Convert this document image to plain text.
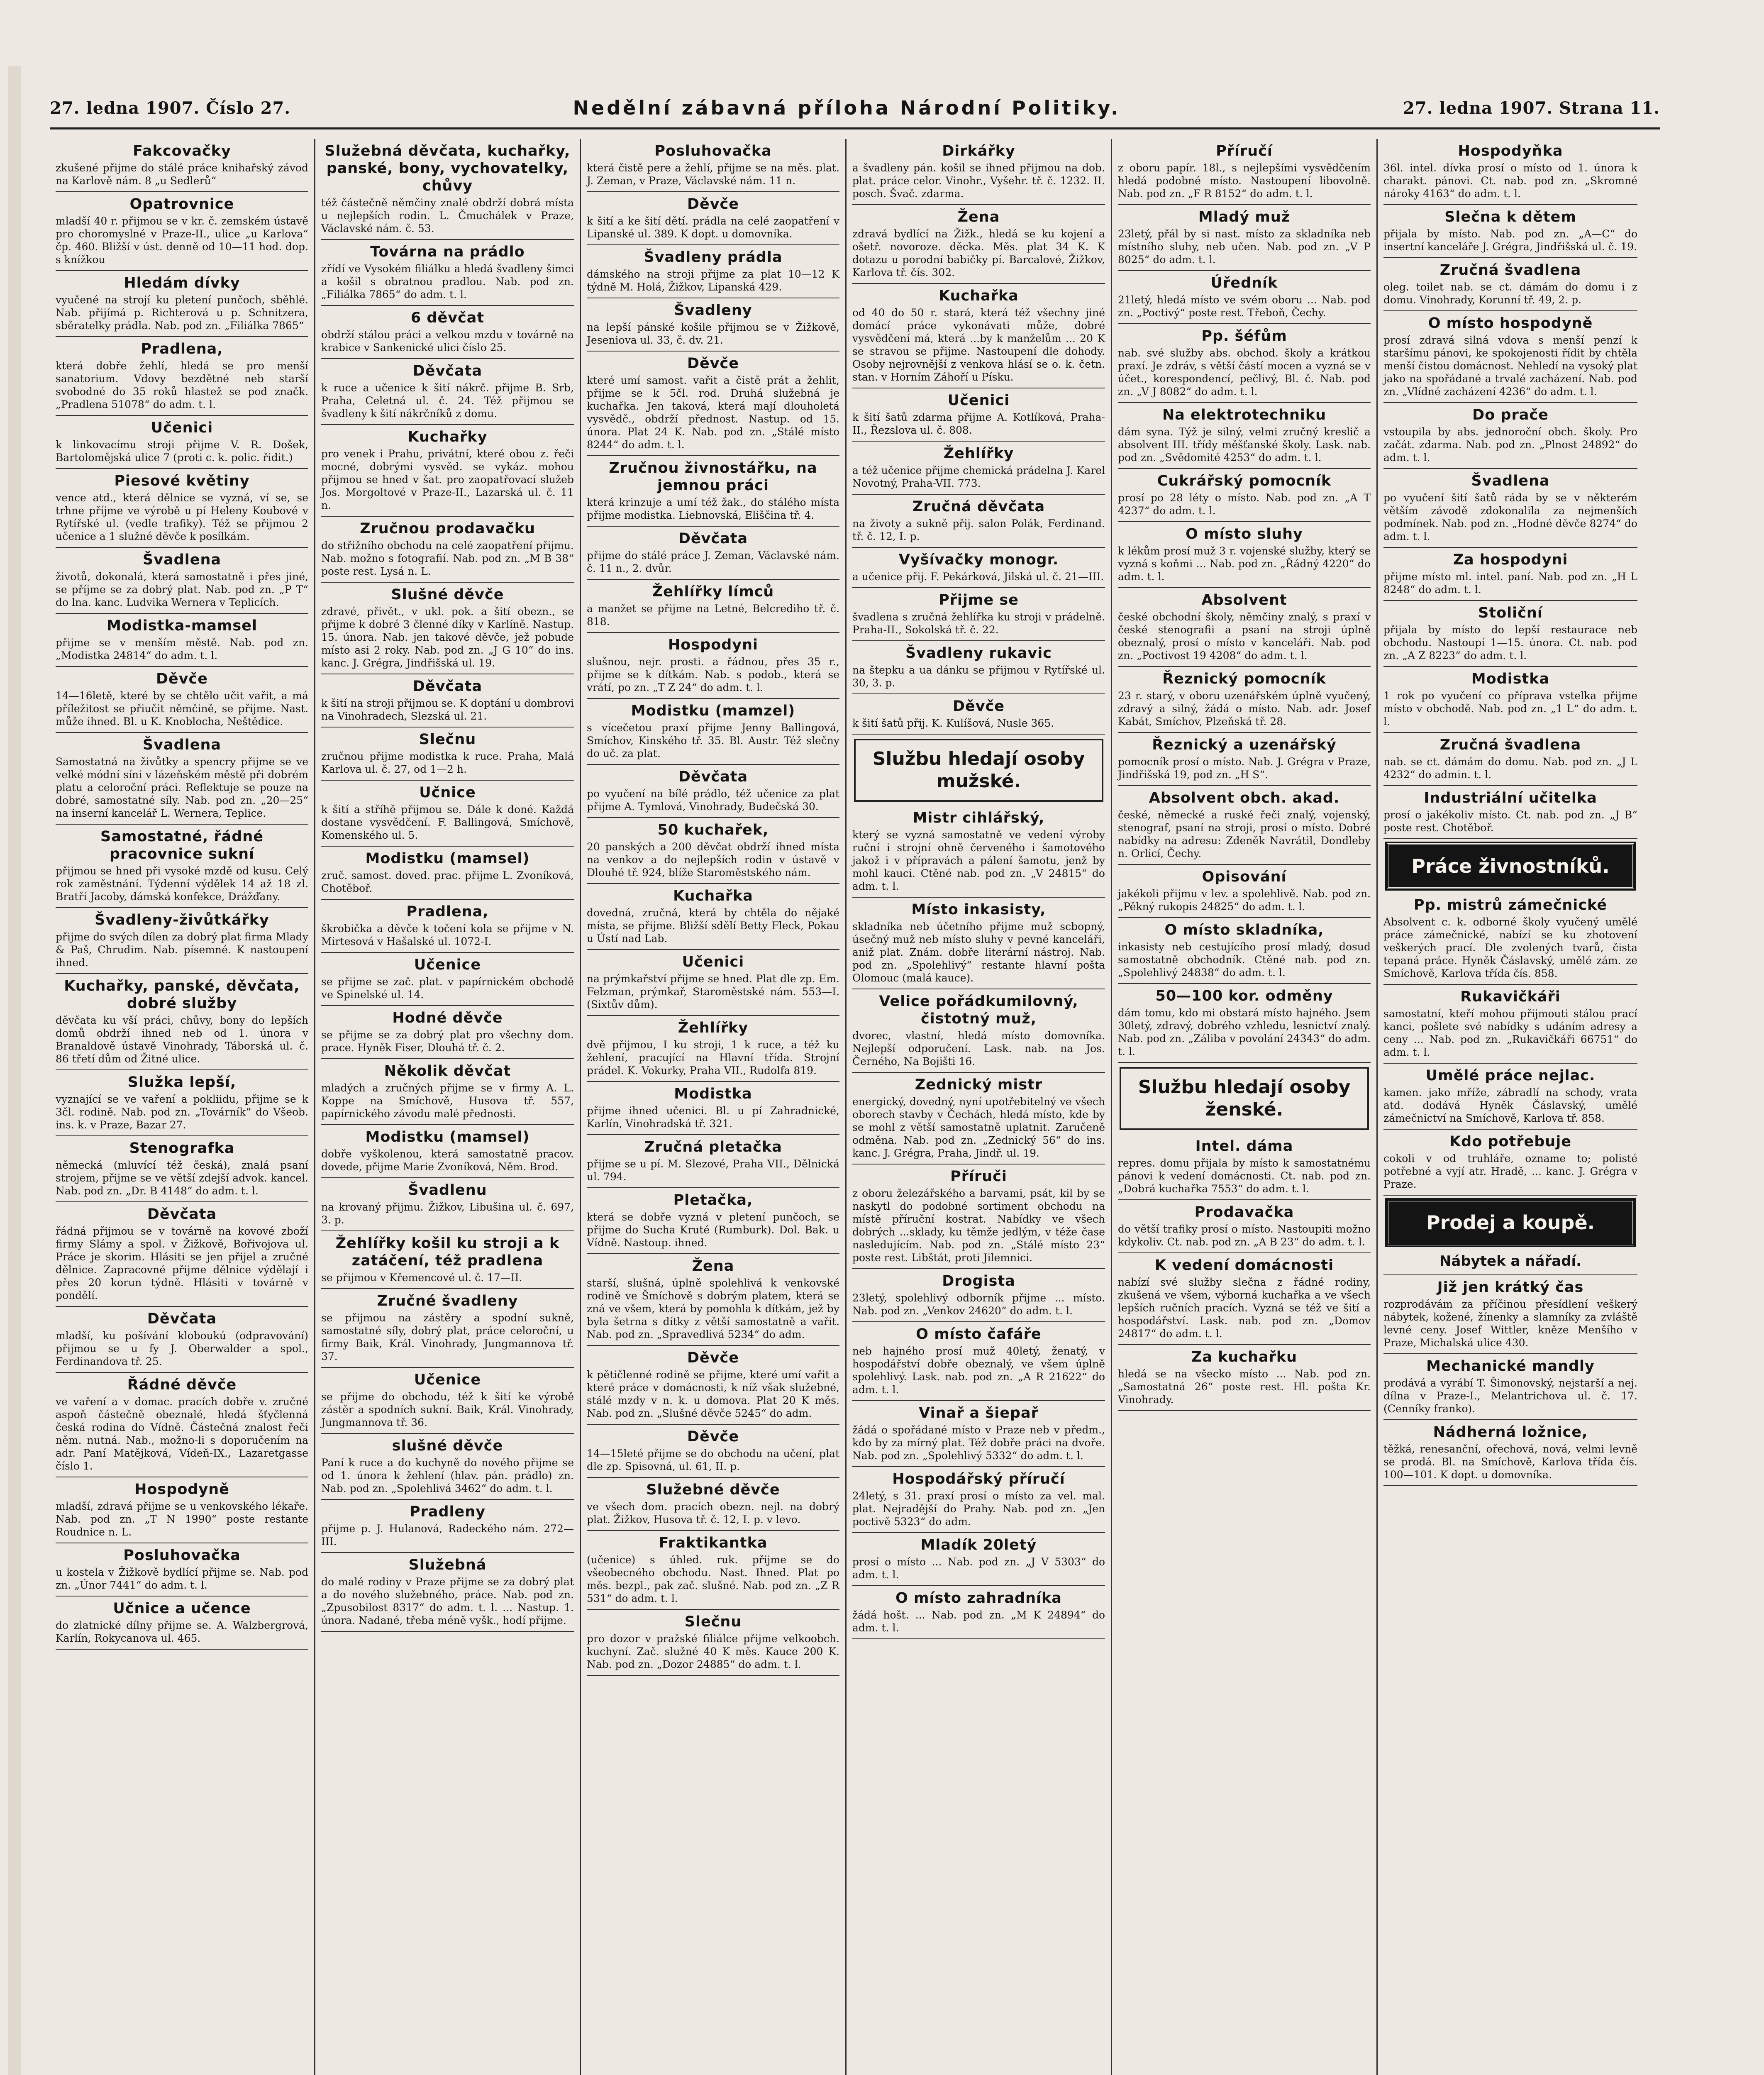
27. ledna 1907. Číslo 27.	Nedělní zábavná příloha Národní Politiky.	27. ledna 1907. Strana 11.
Fakcovačky
zkušené přijme do stálé práce knihařský závod na Karlově nám. 8 „u Sedlerů“
Opatrovnice
mladší 40 r. přijmou se v kr. č. zemském ústavě pro choromyslné v Praze-II., ulice „u Karlova“ čp. 460. Bližší v úst. denně od 10—11 hod. dop. s knížkou
Hledám dívky
vyučené na strojí ku pletení punčoch, sběhlé. Nab. přijímá p. Richterová u p. Schnitzera, sběratelky prádla. Nab. pod zn. „Filiálka 7865“
Pradlena,
která dobře žehlí, hledá se pro menší sanatorium. Vdovy bezdětné neb starší svobodné do 35 roků hlastež se pod značk. „Pradlena 51078“ do adm. t. l.
Učenici
k linkovacímu stroji přijme V. R. Došek, Bartolomějská ulice 7 (proti c. k. polic. řidit.)
Piesové květiny
vence atd., která dělnice se vyzná, ví se, se trhne příjme ve výrobě u pí Heleny Koubové v Rytířské ul. (vedle trafiky). Též se přijmou 2 učenice a 1 služné děvče k posílkám.
Švadlena
životů, dokonalá, která samostatně i přes jiné, se příjme se za dobrý plat. Nab. pod zn. „P T“ do lna. kanc. Ludvika Wernera v Teplicích.
Modistka-mamsel
přijme se v menším městě. Nab. pod zn. „Modistka 24814“ do adm. t. l.
Děvče
14—16letě, které by se chtělo učit vařit, a má příležitost se přiučit němčině, se přijme. Nast. může ihned. Bl. u K. Knoblocha, Neštědice.
Švadlena
Samostatná na živůtky a spencry přijme se ve velké módní síni v lázeňském městě při dobrém platu a celoroční práci. Reflektuje se pouze na dobré, samostatné síly. Nab. pod zn. „20—25“ na inserní kancelář L. Wernera, Teplice.
Samostatné, řádné pracovnice sukní
přijmou se hned při vysoké mzdě od kusu. Celý rok zaměstnání. Týdenní výdělek 14 až 18 zl. Bratří Jacoby, dámská konfekce, Drážďany.
Švadleny-živůtkářky
přijme do svých dílen za dobrý plat firma Mlady & Paš, Chrudim. Nab. písemné. K nastoupení ihned.
Kuchařky, panské, děvčata, dobré služby
děvčata ku vší práci, chůvy, bony do lepších domů obdrží ihned neb od 1. února v Branaldově ústavě Vinohrady, Táborská ul. č. 86 třetí dům od Žitné ulice.
Služka lepší,
vyznající se ve vaření a pokliidu, přijme se k 3čl. rodině. Nab. pod zn. „Továrník“ do Všeob. ins. k. v Praze, Bazar 27.
Stenografka
německá (mluvící též česká), znalá psaní strojem, přijme se ve větší zdejší advok. kancel. Nab. pod zn. „Dr. B 4148“ do adm. t. l.
Děvčata
řádná přijmou se v továrně na kovové zboží firmy Slámy a spol. v Žižkově, Bořivojova ul. Práce je skorim. Hlásiti se jen přijel a zručné dělnice. Zapracovné přijme dělnice výdělají i přes 20 korun týdně. Hlásiti v továrně v pondělí.
Děvčata
mladší, ku pošívání kloboukú (odpravování) přijmou se u fy J. Oberwalder a spol., Ferdinandova tř. 25.
Řádné děvče
ve vaření a v domac. pracích dobře v. zručné aspoň částečně obeznalé, hledá šťyčlenná česká rodina do Vídně. Částečná znalost řeči něm. nutná. Nab., možno-li s doporučením na adr. Paní Matějková, Vídeň-IX., Lazaretgasse číslo 1.
Hospodyně
mladší, zdravá přijme se u venkovského lékaře. Nab. pod zn. „T N 1990“ poste restante Roudnice n. L.
Posluhovačka
u kostela v Žižkově bydlící přijme se. Nab. pod zn. „Únor 7441“ do adm. t. l.
Učnice a učence
do zlatnické dílny přijme se. A. Walzbergrová, Karlín, Rokycanova ul. 465.
Služebná děvčata, kuchařky, panské, bony, vychovatelky, chůvy
též částečně němčiny znalé obdrží dobrá místa u nejlepších rodin. L. Čmuchálek v Praze, Václavské nám. č. 53.
Továrna na prádlo
zřídí ve Vysokém filiálku a hledá švadleny šimci a košil s obratnou pradlou. Nab. pod zn. „Filiálka 7865“ do adm. t. l.
6 děvčat
obdrží stálou práci a velkou mzdu v továrně na krabice v Sankenické ulici číslo 25.
Děvčata
k ruce a učenice k šití nákrč. přijme B. Srb, Praha, Celetná ul. č. 24. Též přijmou se švadleny k šití nákrčníků z domu.
Kuchařky
pro venek i Prahu, privátní, které obou z. řeči mocné, dobrými vysvěd. se vykáz. mohou přijmou se hned v šat. pro zaopatřovací služeb Jos. Morgoltové v Praze-II., Lazarská ul. č. 11 n.
Zručnou prodavačku
do střižního obchodu na celé zaopatření přijmu. Nab. možno s fotografií. Nab. pod zn. „M B 38“ poste rest. Lysá n. L.
Slušné děvče
zdravé, přivět., v ukl. pok. a šití obezn., se přijme k dobré 3 členné díky v Karlíně. Nastup. 15. února. Nab. jen takové děvče, jež pobude místo asi 2 roky. Nab. pod zn. „J G 10“ do ins. kanc. J. Grégra, Jindřišská ul. 19.
Děvčata
k šití na stroji přijmou se. K doptání u dombrovi na Vinohradech, Slezská ul. 21.
Slečnu
zručnou přijme modistka k ruce. Praha, Malá Karlova ul. č. 27, od 1—2 h.
Učnice
k šití a stříhě přijmou se. Dále k doné. Každá dostane vysvědčení. F. Ballingová, Smíchově, Komenského ul. 5.
Modistku (mamsel)
zruč. samost. doved. prac. přijme L. Zvoníková, Chotěboř.
Pradlena,
škrobička a děvče k točení kola se přijme v N. Mirtesová v Hašalské ul. 1072-I.
Učenice
se přijme se zač. plat. v papírnickém obchodě ve Spinelské ul. 14.
Hodné děvče
se přijme se za dobrý plat pro všechny dom. prace. Hyněk Fiser, Dlouhá tř. č. 2.
Několik děvčat
mladých a zručných přijme se v firmy A. L. Koppe na Smíchově, Husova tř. 557, papírnického závodu malé přednosti.
Modistku (mamsel)
dobře vyškolenou, která samostatně pracov. dovede, přijme Marie Zvoníková, Něm. Brod.
Švadlenu
na krovaný přijmu. Žižkov, Libušina ul. č. 697, 3. p.
Žehlířky košil ku stroji a k zatáčení, též pradlena
se přijmou v Křemencové ul. č. 17—II.
Zručné švadleny
se přijmou na zástěry a spodní sukně, samostatné síly, dobrý plat, práce celoroční, u firmy Baik, Král. Vinohrady, Jungmannova tř. 37.
Učenice
se přijme do obchodu, též k šití ke výrobě zástěr a spodních sukní. Baik, Král. Vinohrady, Jungmannova tř. 36.
slušné děvče
Paní k ruce a do kuchyně do nového přijme se od 1. února k žehlení (hlav. pán. prádlo) zn. Nab. pod zn. „Spolehlivá 3462“ do adm. t. l.
Pradleny
přijme p. J. Hulanová, Radeckého nám. 272—III.
Služebná
do malé rodiny v Praze přijme se za dobrý plat a do nového služebného, práce. Nab. pod zn. „Zpusobilost 8317“ do adm. t. l. ... Nastup. 1. února. Nadané, třeba méně vyšk., hodí přijme.
Posluhovačka
která čistě pere a žehlí, přijme se na měs. plat. J. Zeman, v Praze, Václavské nám. 11 n.
Děvče
k šití a ke šití dětí. prádla na celé zaopatření v Lipanské ul. 389. K dopt. u domovníka.
Švadleny prádla
dámského na stroji přijme za plat 10—12 K týdně M. Holá, Žižkov, Lipanská 429.
Švadleny
na lepší pánské košile přijmou se v Žižkově, Jeseniova ul. 33, č. dv. 21.
Děvče
které umí samost. vařit a čistě prát a žehlit, přijme se k 5čl. rod. Druhá služebná je kuchařka. Jen taková, která mají dlouholetá vysvědč., obdrží přednost. Nastup. od 15. února. Plat 24 K. Nab. pod zn. „Stálé místo 8244“ do adm. t. l.
Zručnou živnostářku, na jemnou práci
která krinzuje a umí též žak., do stálého místa přijme modistka. Liebnovská, Eliščina tř. 4.
Děvčata
přijme do stálé práce J. Zeman, Václavské nám. č. 11 n., 2. dvůr.
Žehlířky límců
a manžet se přijme na Letné, Belcrediho tř. č. 818.
Hospodyni
slušnou, nejr. prosti. a řádnou, přes 35 r., přijme se k dítkám. Nab. s podob., která se vrátí, po zn. „T Z 24“ do adm. t. l.
Modistku (mamzel)
s vícečetou praxí přijme Jenny Ballingová, Smíchov, Kinského tř. 35. Bl. Austr. Též slečny do uč. za plat.
Děvčata
po vyučení na bílé prádlo, též učenice za plat přijme A. Tymlová, Vinohrady, Budečská 30.
50 kuchařek,
20 panských a 200 děvčat obdrží ihned místa na venkov a do nejlepších rodin v ústavě v Dlouhé tř. 924, blíže Staroměstského nám.
Kuchařka
dovedná, zručná, která by chtěla do nějaké místa, se přijme. Bližší sdělí Betty Fleck, Pokau u Ústí nad Lab.
Učenici
na prýmkařství přijme se hned. Plat dle zp. Em. Felzman, prýmkař, Staroměstské nám. 553—I. (Sixtův dům).
Žehlířky
dvě přijmou, I ku stroji, 1 k ruce, a též ku žehlení, pracující na Hlavní třída. Strojní prádel. K. Vokurky, Praha VII., Rudolfa 819.
Modistka
přijme ihned učenici. Bl. u pí Zahradnické, Karlín, Vinohradská tř. 321.
Zručná pletačka
přijme se u pí. M. Slezové, Praha VII., Dělnická ul. 794.
Pletačka,
která se dobře vyzná v pletení punčoch, se přijme do Sucha Kruté (Rumburk). Dol. Bak. u Vídně. Nastoup. ihned.
Žena
starší, slušná, úplně spolehlivá k venkovské rodině ve Šmíchově s dobrým platem, která se zná ve všem, která by pomohla k dítkám, jež by byla šetrna s dítky z větší samostatně a vařit. Nab. pod zn. „Spravedlivá 5234“ do adm.
Děvče
k pětičlenné rodině se přijme, které umí vařit a které práce v domácnosti, k níž však služebné, stálé mzdy v n. k. u domova. Plat 20 K měs. Nab. pod zn. „Slušné děvče 5245“ do adm.
Děvče
14—15leté přijme se do obchodu na učení, plat dle zp. Spisovná, ul. 61, II. p.
Služebné děvče
ve všech dom. pracích obezn. nejl. na dobrý plat. Žižkov, Husova tř. č. 12, I. p. v levo.
Fraktikantka
(učenice) s úhled. ruk. přijme se do všeobecného obchodu. Nast. Ihned. Plat po měs. bezpl., pak zač. slušné. Nab. pod zn. „Z R 531“ do adm. t. l.
Slečnu
pro dozor v pražské filiálce přijme velkoobch. kuchyní. Zač. služné 40 K měs. Kauce 200 K. Nab. pod zn. „Dozor 24885“ do adm. t. l.
Dirkářky
a švadleny pán. košil se ihned přijmou na dob. plat. práce celor. Vinohr., Vyšehr. tř. č. 1232. II. posch. Švač. zdarma.
Žena
zdravá bydlící na Žižk., hledá se ku kojení a ošetř. novoroze. děcka. Měs. plat 34 K. K dotazu u porodní babičky pí. Barcalové, Žižkov, Karlova tř. čís. 302.
Kuchařka
od 40 do 50 r. stará, která též všechny jiné domácí práce vykonávati může, dobré vysvědčení má, která ...by k manželům ... 20 K se stravou se přijme. Nastoupení dle dohody. Osoby nejrovnější z venkova hlásí se o. k. četn. stan. v Horním Záhoří u Písku.
Učenici
k šití šatů zdarma přijme A. Kotlíková, Praha-II., Řezslova ul. č. 808.
Žehlířky
a též učenice přijme chemická prádelna J. Karel Novotný, Praha-VII. 773.
Zručná děvčata
na životy a sukně přij. salon Polák, Ferdinand. tř. č. 12, I. p.
Vyšívačky monogr.
a učenice přij. F. Pekárková, Jilská ul. č. 21—III.
Přijme se
švadlena s zručná žehlířka ku stroji v prádelně. Praha-II., Sokolská tř. č. 22.
Švadleny rukavic
na štepku a ua dánku se přijmou v Rytířské ul. 30, 3. p.
Děvče
k šití šatů přij. K. Kulíšová, Nusle 365.
Službu hledají osoby mužské.
Mistr cihlářský,
který se vyzná samostatně ve vedení výroby ruční i strojní ohně červeného i šamotového jakož i v přípravách a pálení šamotu, jenž by mohl kauci. Ctěné nab. pod zn. „V 24815“ do adm. t. l.
Místo inkasisty,
skladníka neb účetního přijme muž scbopný, úsečný muž neb místo sluhy v pevné kanceláři, aniž plat. Znám. dobře literární nástroj. Nab. pod zn. „Spolehlivý“ restante hlavní pošta Olomouc (malá kauce).
Velice pořádkumilovný, čistotný muž,
dvorec, vlastní, hledá místo domovníka. Nejlepší odporučení. Lask. nab. na Jos. Černého, Na Bojišti 16.
Zednický mistr
energický, dovedný, nyní upotřebitelný ve všech oborech stavby v Čechách, hledá místo, kde by se mohl z větší samostatně uplatnit. Zaručeně odměna. Nab. pod zn. „Zednický 56“ do ins. kanc. J. Grégra, Praha, Jindř. ul. 19.
Příruči
z oboru železářského a barvami, psát, kil by se naskytl do podobné sortiment obchodu na místě příruční kostrat. Nabídky ve všech dobrých ...sklady, ku těmže jedlým, v téže čase nasledujícím. Nab. pod zn. „Stálé místo 23“ poste rest. Libštát, proti Jilemnici.
Drogista
23letý, spolehlivý odborník přijme ... místo. Nab. pod zn. „Venkov 24620“ do adm. t. l.
O místo čafáře
neb hajného prosí muž 40letý, ženatý, v hospodářství dobře obeznalý, ve všem úplně spolehlivý. Lask. nab. pod zn. „A R 21622“ do adm. t. l.
Vinař a šiepař
žádá o spořádané místo v Praze neb v předm., kdo by za mírný plat. Též dobře práci na dvoře. Nab. pod zn. „Spolehlivý 5332“ do adm. t. l.
Hospodářský příručí
24letý, s 31. praxí prosí o místo za vel. mal. plat. Nejradější do Prahy. Nab. pod zn. „Jen poctivě 5323“ do adm.
Mladík 20letý
prosí o místo ... Nab. pod zn. „J V 5303“ do adm. t. l.
O místo zahradníka
žádá hošt. ... Nab. pod zn. „M K 24894“ do adm. t. l.
Příručí
z oboru papír. 18l., s nejlepšími vysvědčením hledá podobné místo. Nastoupení libovolně. Nab. pod zn. „F R 8152“ do adm. t. l.
Mladý muž
23letý, přál by si nast. místo za skladníka neb místního sluhy, neb učen. Nab. pod zn. „V P 8025“ do adm. t. l.
Úředník
21letý, hledá místo ve svém oboru ... Nab. pod zn. „Poctivý“ poste rest. Třeboň, Čechy.
Pp. šéfům
nab. své služby abs. obchod. školy a krátkou praxí. Je zdráv, s větší částí mocen a vyzná se v účet., korespondencí, pečlivý, Bl. č. Nab. pod zn. „V J 8082“ do adm. t. l.
Na elektrotechniku
dám syna. Týž je silný, velmi zručný kreslič a absolvent III. třídy měšťanské školy. Lask. nab. pod zn. „Svědomité 4253“ do adm. t. l.
Cukrářský pomocník
prosí po 28 léty o místo. Nab. pod zn. „A T 4237“ do adm. t. l.
O místo sluhy
k lékům prosí muž 3 r. vojenské služby, který se vyzná s koňmi ... Nab. pod zn. „Řádný 4220“ do adm. t. l.
Absolvent
české obchodní školy, němčiny znalý, s praxí v české stenografii a psaní na stroji úplně obeznalý, prosí o místo v kanceláři. Nab. pod zn. „Poctivost 19 4208“ do adm. t. l.
Řeznický pomocník
23 r. starý, v oboru uzenářském úplně vyučený, zdravý a silný, žádá o místo. Nab. adr. Josef Kabát, Smíchov, Plzeňská tř. 28.
Řeznický a uzenářský
pomocník prosí o místo. Nab. J. Grégra v Praze, Jindřišská 19, pod zn. „H S“.
Absolvent obch. akad.
české, německé a ruské řeči znalý, vojenský, stenograf, psaní na stroji, prosí o místo. Dobré nabídky na adresu: Zdeněk Navrátil, Dondleby n. Orlicí, Čechy.
Opisování
jakékoli přijmu v lev. a spolehlivě. Nab. pod zn. „Pěkný rukopis 24825“ do adm. t. l.
O místo skladníka,
inkasisty neb cestujícího prosí mladý, dosud samostatně obchodník. Ctěné nab. pod zn. „Spolehlivý 24838“ do adm. t. l.
50—100 kor. odměny
dám tomu, kdo mi obstará místo hajného. Jsem 30letý, zdravý, dobrého vzhledu, lesnictví znalý. Nab. pod zn. „Záliba v povolání 24343“ do adm. t. l.
Službu hledají osoby ženské.
Intel. dáma
repres. domu přijala by místo k samostatnému pánovi k vedení domácnosti. Ct. nab. pod zn. „Dobrá kuchařka 7553“ do adm. t. l.
Prodavačka
do větší trafiky prosí o místo. Nastoupiti možno kdykoliv. Ct. nab. pod zn. „A B 23“ do adm. t. l.
K vedení domácnosti
nabízí své služby slečna z řádné rodiny, zkušená ve všem, výborná kuchařka a ve všech lepších ručních pracích. Vyzná se též ve šití a hospodářství. Lask. nab. pod zn. „Domov 24817“ do adm. t. l.
Za kuchařku
hledá se na všecko místo ... Nab. pod zn. „Samostatná 26“ poste rest. Hl. pošta Kr. Vinohrady.
Hospodyňka
36l. intel. dívka prosí o místo od 1. února k charakt. pánovi. Ct. nab. pod zn. „Skromné nároky 4163“ do adm. t. l.
Slečna k dětem
přijala by místo. Nab. pod zn. „A—C“ do insertní kanceláře J. Grégra, Jindřišská ul. č. 19.
Zručná švadlena
oleg. toilet nab. se ct. dámám do domu i z domu. Vinohrady, Korunní tř. 49, 2. p.
O místo hospodyně
prosí zdravá silná vdova s menší penzí k staršímu pánovi, ke spokojenosti řídit by chtěla menší čistou domácnost. Nehledí na vysoký plat jako na spořádané a trvalé zacházení. Nab. pod zn. „Vlídné zacházení 4236“ do adm. t. l.
Do prače
vstoupila by abs. jednoroční obch. školy. Pro začát. zdarma. Nab. pod zn. „Plnost 24892“ do adm. t. l.
Švadlena
po vyučení šití šatů ráda by se v některém větším závodě zdokonalila za nejmenších podmínek. Nab. pod zn. „Hodné děvče 8274“ do adm. t. l.
Za hospodyni
přijme místo ml. intel. paní. Nab. pod zn. „H L 8248“ do adm. t. l.
Stoliční
přijala by místo do lepší restaurace neb obchodu. Nastoupí 1—15. února. Ct. nab. pod zn. „A Z 8223“ do adm. t. l.
Modistka
1 rok po vyučení co příprava vstelka přijme místo v obchodě. Nab. pod zn. „1 L“ do adm. t. l.
Zručná švadlena
nab. se ct. dámám do domu. Nab. pod zn. „J L 4232“ do admin. t. l.
Industriální učitelka
prosí o jakékoliv místo. Ct. nab. pod zn. „J B“ poste rest. Chotěboř.
Práce živnostníků.
Pp. mistrů zámečnické
Absolvent c. k. odborné školy vyučený umělé práce zámečnické, nabízí se ku zhotovení veškerých prací. Dle zvolených tvarů, čista tepaná práce. Hyněk Čáslavský, umělé zám. ze Smíchově, Karlova třída čís. 858.
Rukavičkáři
samostatní, kteří mohou přijmouti stálou prací kanci, pošlete své nabídky s udáním adresy a ceny ... Nab. pod zn. „Rukavičkáři 66751“ do adm. t. l.
Umělé práce nejlac.
kamen. jako mříže, zábradlí na schody, vrata atd. dodává Hyněk Čáslavský, umělé zámečnictví na Smíchově, Karlova tř. 858.
Kdo potřebuje
cokoli v od truhláře, ozname to; polisté potřebné a vyjí atr. Hradě, ... kanc. J. Grégra v Praze.
Prodej a koupě.
Nábytek a nářadí.
Již jen krátký čas
rozprodávám za příčinou přesídlení veškerý nábytek, kožené, žínenky a slamníky za zvláště levné ceny. Josef Wittler, kněze Menšího v Praze, Michalská ulice 430.
Mechanické mandly
prodává a vyrábí T. Šimonovský, nejstarší a nej. dílna v Praze-I., Melantrichova ul. č. 17. (Cenníky franko).
Nádherná ložnice,
těžká, renesanční, ořechová, nová, velmi levně se prodá. Bl. na Smíchově, Karlova třída čís. 100—101. K dopt. u domovníka.
